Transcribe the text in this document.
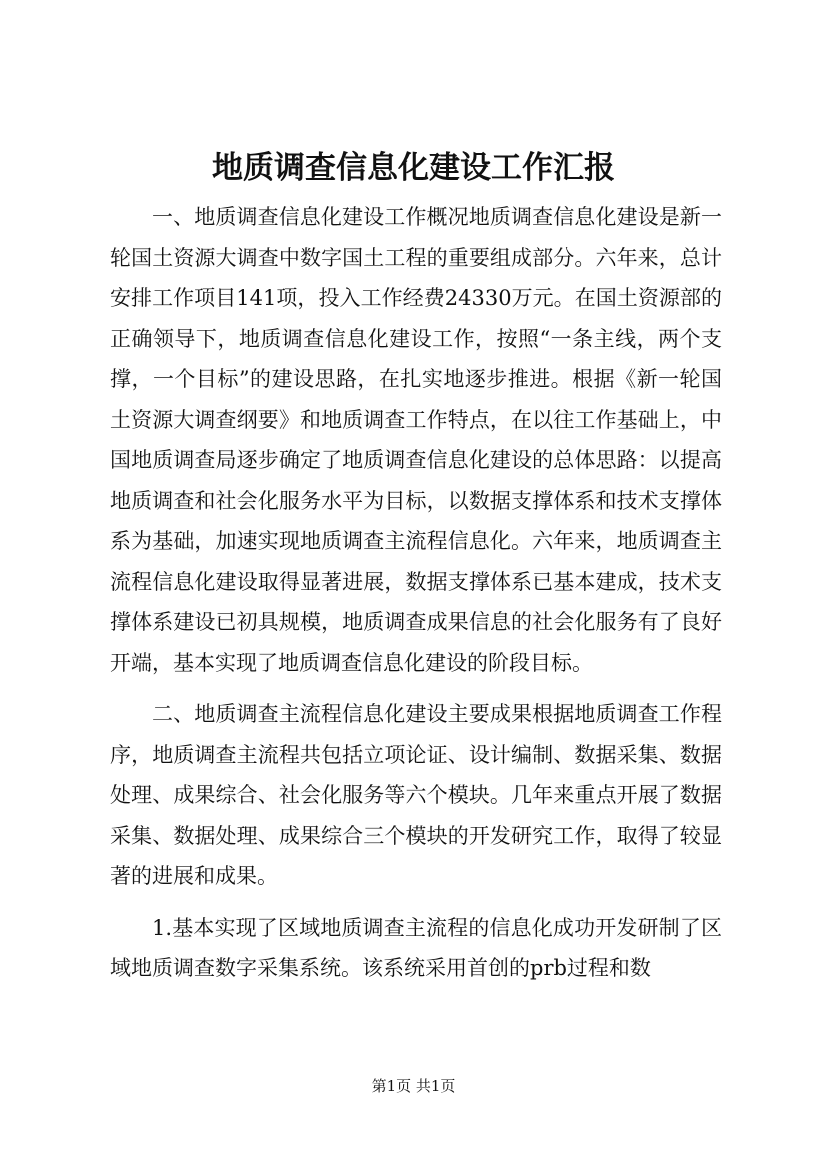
地质调查信息化建设工作汇报

一、地质调查信息化建设工作概况地质调查信息化建设是新一轮国土资源大调查中数字国土工程的重要组成部分。六年来，总计安排工作项目141项，投入工作经费24330万元。在国土资源部的正确领导下，地质调查信息化建设工作，按照“一条主线，两个支撑，一个目标”的建设思路，在扎实地逐步推进。根据《新一轮国土资源大调查纲要》和地质调查工作特点，在以往工作基础上，中国地质调查局逐步确定了地质调查信息化建设的总体思路：以提高地质调查和社会化服务水平为目标，以数据支撑体系和技术支撑体系为基础，加速实现地质调查主流程信息化。六年来，地质调查主流程信息化建设取得显著进展，数据支撑体系已基本建成，技术支撑体系建设已初具规模，地质调查成果信息的社会化服务有了良好开端，基本实现了地质调查信息化建设的阶段目标。

二、地质调查主流程信息化建设主要成果根据地质调查工作程序，地质调查主流程共包括立项论证、设计编制、数据采集、数据处理、成果综合、社会化服务等六个模块。几年来重点开展了数据采集、数据处理、成果综合三个模块的开发研究工作，取得了较显著的进展和成果。

1.基本实现了区域地质调查主流程的信息化成功开发研制了区域地质调查数字采集系统。该系统采用首创的prb过程和数

第1页 共1页
